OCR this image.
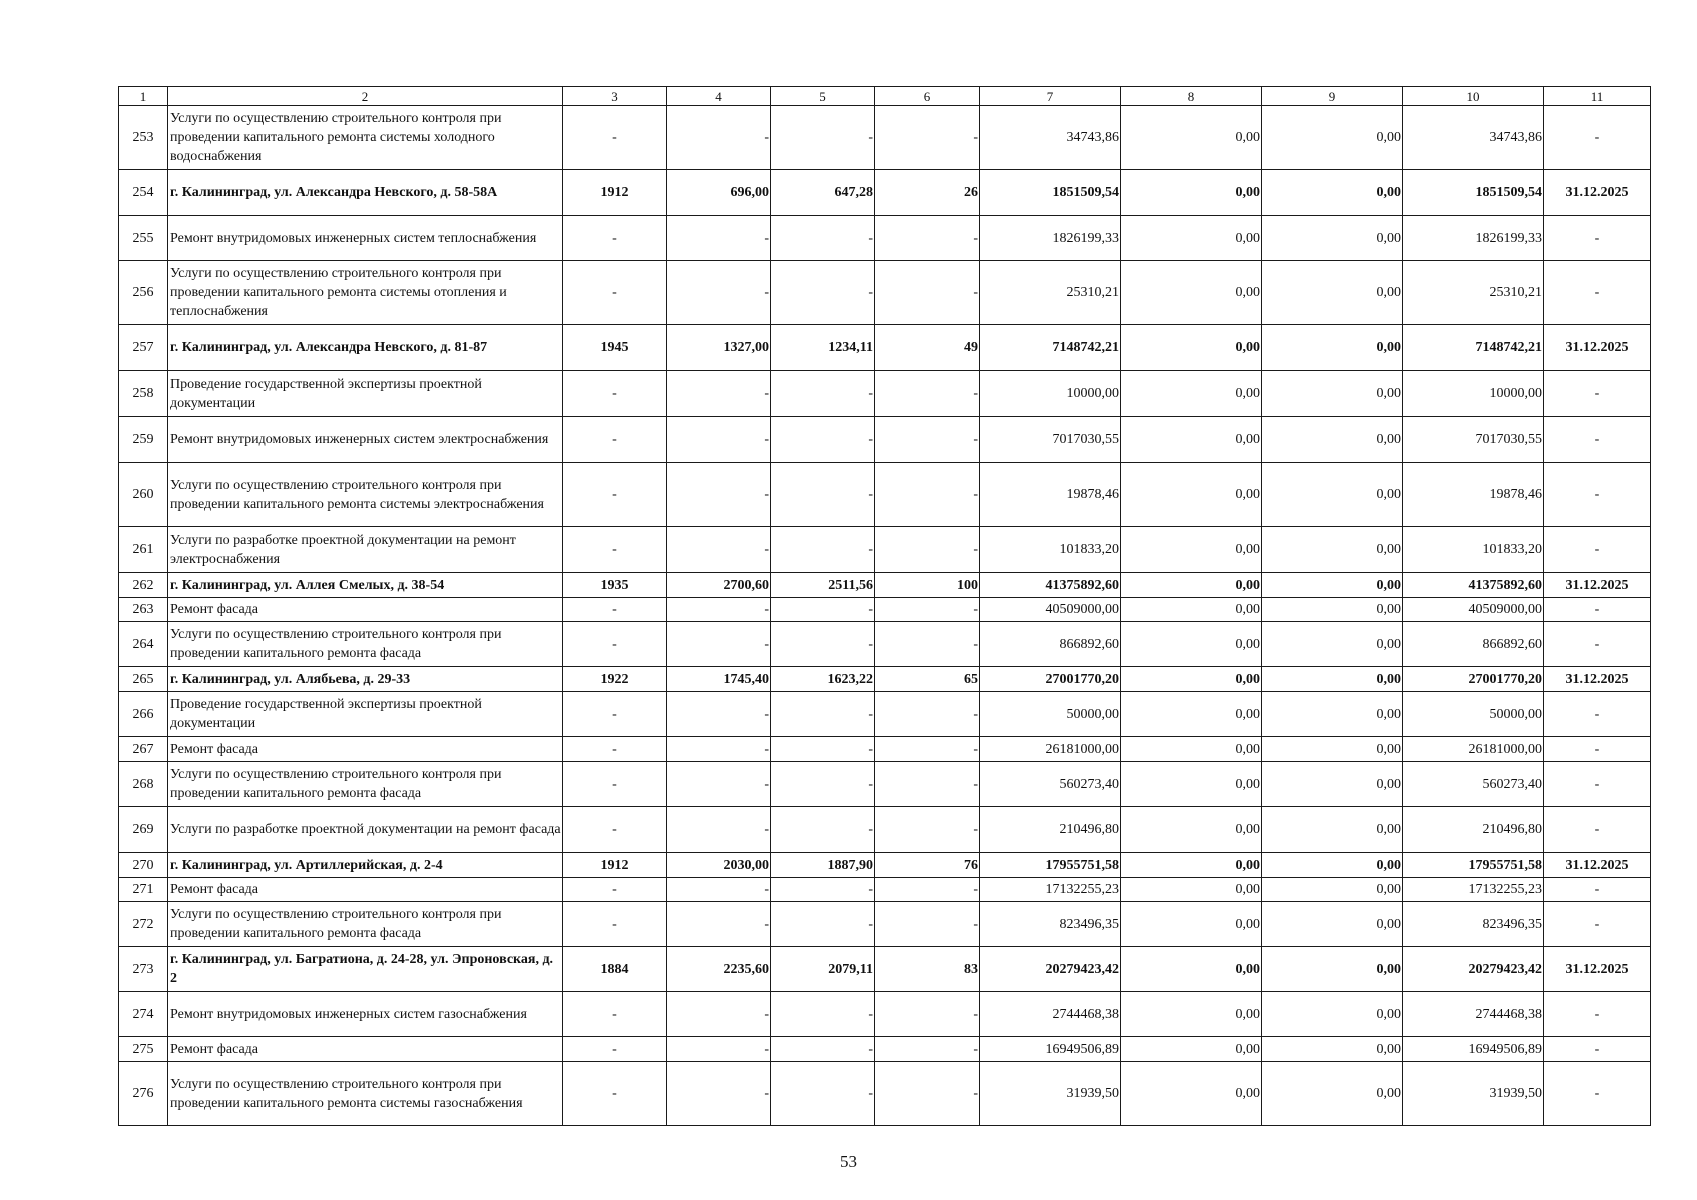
1	2	3	4	5	6	7	8	9	10	11
253	Услуги по осуществлению строительного контроля при проведении капитального ремонта системы холодного водоснабжения	-	-	-	-	34743,86	0,00	0,00	34743,86	-
254	г. Калининград, ул. Александра Невского, д. 58-58А	1912	696,00	647,28	26	1851509,54	0,00	0,00	1851509,54	31.12.2025
255	Ремонт внутридомовых инженерных систем теплоснабжения	-	-	-	-	1826199,33	0,00	0,00	1826199,33	-
256	Услуги по осуществлению строительного контроля при проведении капитального ремонта системы отопления и теплоснабжения	-	-	-	-	25310,21	0,00	0,00	25310,21	-
257	г. Калининград, ул. Александра Невского, д. 81-87	1945	1327,00	1234,11	49	7148742,21	0,00	0,00	7148742,21	31.12.2025
258	Проведение государственной экспертизы проектной документации	-	-	-	-	10000,00	0,00	0,00	10000,00	-
259	Ремонт внутридомовых инженерных систем электроснабжения	-	-	-	-	7017030,55	0,00	0,00	7017030,55	-
260	Услуги по осуществлению строительного контроля при проведении капитального ремонта системы электроснабжения	-	-	-	-	19878,46	0,00	0,00	19878,46	-
261	Услуги по разработке проектной документации на ремонт электроснабжения	-	-	-	-	101833,20	0,00	0,00	101833,20	-
262	г. Калининград, ул. Аллея Смелых, д. 38-54	1935	2700,60	2511,56	100	41375892,60	0,00	0,00	41375892,60	31.12.2025
263	Ремонт фасада	-	-	-	-	40509000,00	0,00	0,00	40509000,00	-
264	Услуги по осуществлению строительного контроля при проведении капитального ремонта фасада	-	-	-	-	866892,60	0,00	0,00	866892,60	-
265	г. Калининград, ул. Алябьева, д. 29-33	1922	1745,40	1623,22	65	27001770,20	0,00	0,00	27001770,20	31.12.2025
266	Проведение государственной экспертизы проектной документации	-	-	-	-	50000,00	0,00	0,00	50000,00	-
267	Ремонт фасада	-	-	-	-	26181000,00	0,00	0,00	26181000,00	-
268	Услуги по осуществлению строительного контроля при проведении капитального ремонта фасада	-	-	-	-	560273,40	0,00	0,00	560273,40	-
269	Услуги по разработке проектной документации на ремонт фасада	-	-	-	-	210496,80	0,00	0,00	210496,80	-
270	г. Калининград, ул. Артиллерийская, д. 2-4	1912	2030,00	1887,90	76	17955751,58	0,00	0,00	17955751,58	31.12.2025
271	Ремонт фасада	-	-	-	-	17132255,23	0,00	0,00	17132255,23	-
272	Услуги по осуществлению строительного контроля при проведении капитального ремонта фасада	-	-	-	-	823496,35	0,00	0,00	823496,35	-
273	г. Калининград, ул. Багратиона, д. 24-28, ул. Эпроновская, д. 2	1884	2235,60	2079,11	83	20279423,42	0,00	0,00	20279423,42	31.12.2025
274	Ремонт внутридомовых инженерных систем газоснабжения	-	-	-	-	2744468,38	0,00	0,00	2744468,38	-
275	Ремонт фасада	-	-	-	-	16949506,89	0,00	0,00	16949506,89	-
276	Услуги по осуществлению строительного контроля при проведении капитального ремонта системы газоснабжения	-	-	-	-	31939,50	0,00	0,00	31939,50	-
53
